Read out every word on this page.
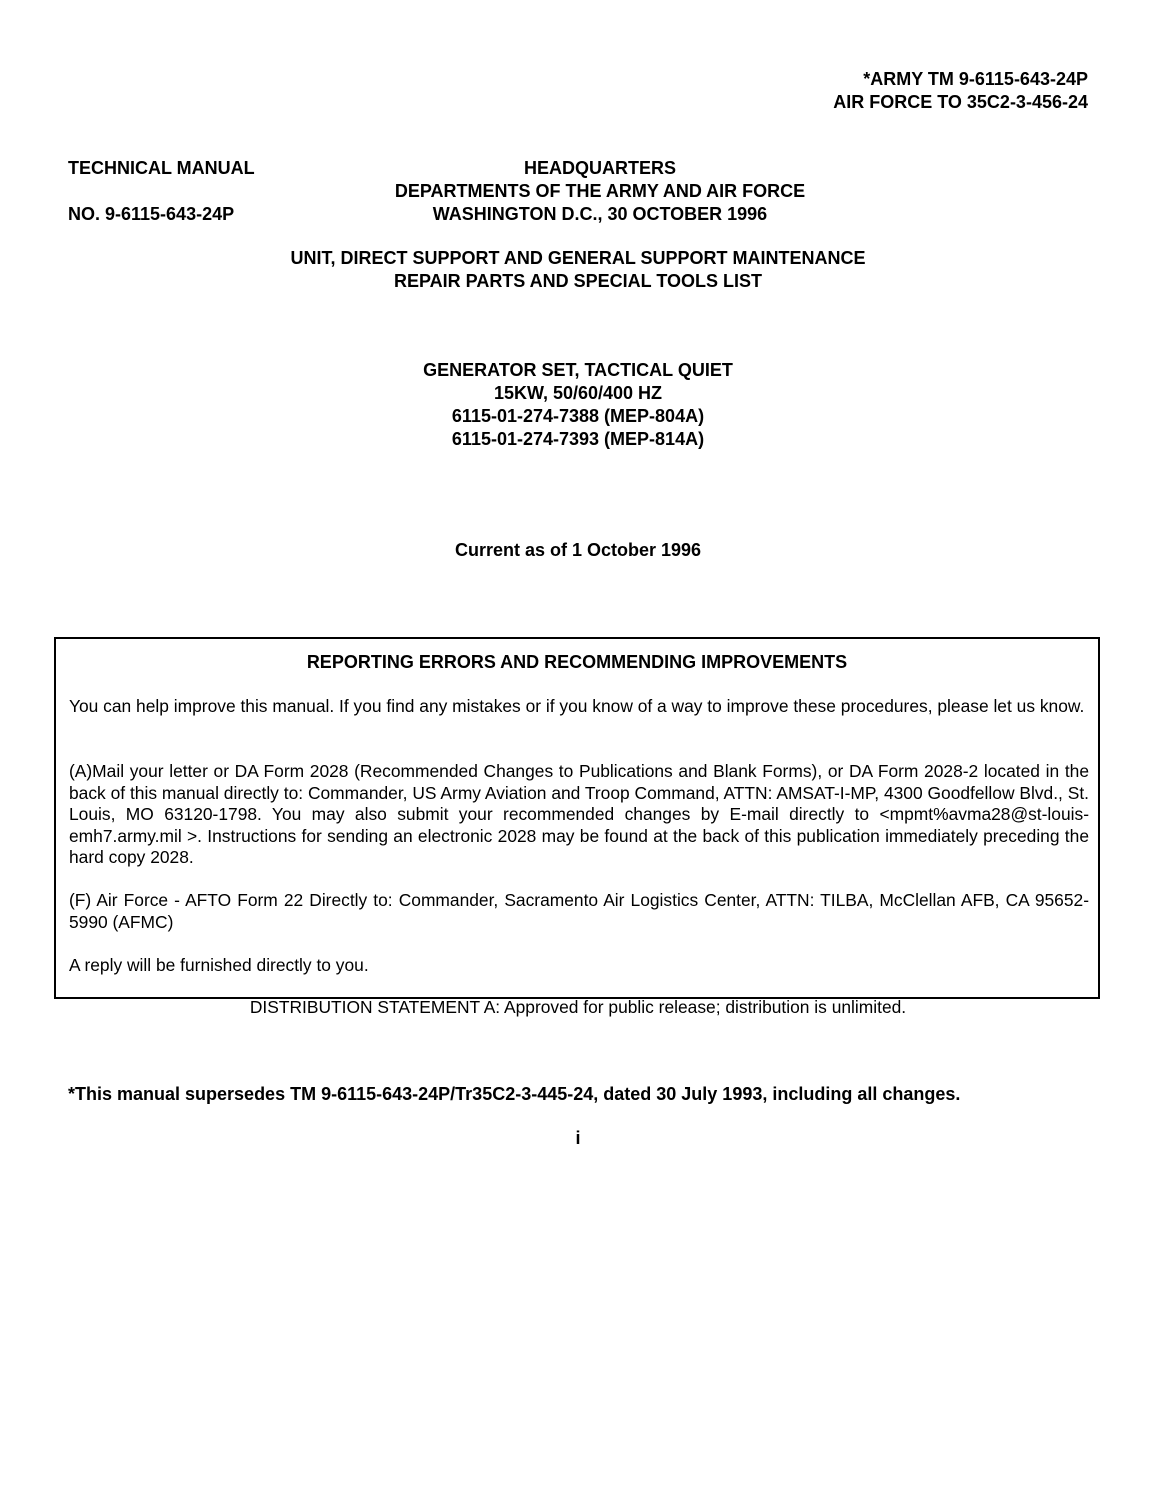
*ARMY TM 9-6115-643-24P
AIR FORCE TO 35C2-3-456-24
TECHNICAL MANUAL
NO. 9-6115-643-24P
HEADQUARTERS
DEPARTMENTS OF THE ARMY AND AIR FORCE
WASHINGTON D.C., 30 OCTOBER 1996
UNIT, DIRECT SUPPORT AND GENERAL SUPPORT MAINTENANCE
REPAIR PARTS AND SPECIAL TOOLS LIST
GENERATOR SET, TACTICAL QUIET
15KW, 50/60/400 HZ
6115-01-274-7388 (MEP-804A)
6115-01-274-7393 (MEP-814A)
Current as of 1 October 1996
REPORTING ERRORS AND RECOMMENDING IMPROVEMENTS
You can help improve this manual. If you find any mistakes or if you know of a way to improve these procedures, please let us know.
(A)Mail your letter or DA Form 2028 (Recommended Changes to Publications and Blank Forms), or DA Form 2028-2 located in the back of this manual directly to: Commander, US Army Aviation and Troop Command, ATTN: AMSAT-I-MP, 4300 Goodfellow Blvd., St. Louis, MO 63120-1798. You may also submit your recommended changes by E-mail directly to <mpmt%avma28@st-louis-emh7.army.mil >. Instructions for sending an electronic 2028 may be found at the back of this publication immediately preceding the hard copy 2028.
(F) Air Force - AFTO Form 22 Directly to: Commander, Sacramento Air Logistics Center, ATTN: TILBA, McClellan AFB, CA 95652-5990 (AFMC)
A reply will be furnished directly to you.
DISTRIBUTION STATEMENT A: Approved for public release; distribution is unlimited.
*This manual supersedes TM 9-6115-643-24P/Tr35C2-3-445-24, dated 30 July 1993, including all changes.
i
